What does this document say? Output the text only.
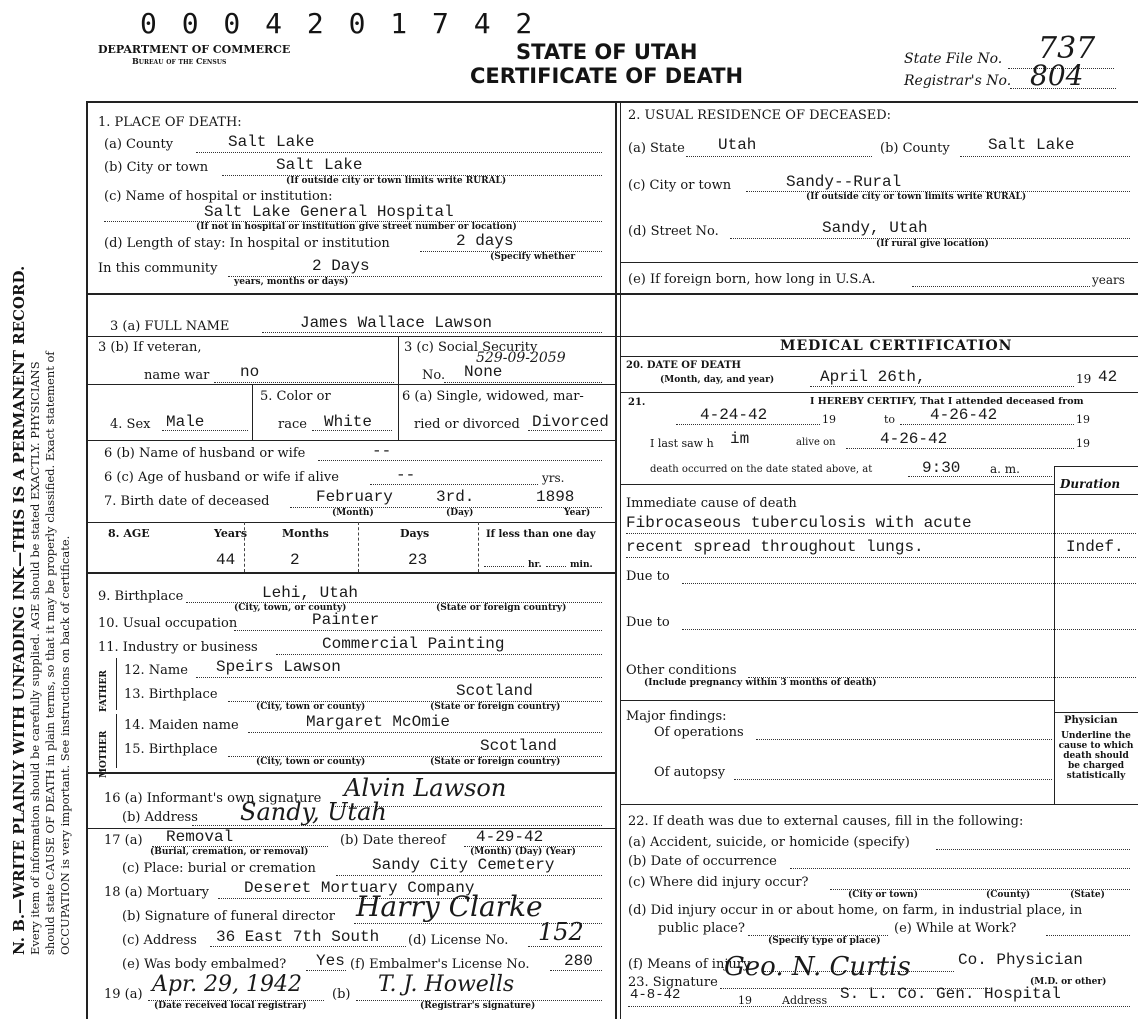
N. B.—WRITE PLAINLY WITH UNFADING INK—THIS IS A PERMANENT RECORD. Every item of information should be carefully supplied. AGE should be stated EXACTLY. PHYSICIANS should state CAUSE OF DEATH in plain terms, so that it may be properly classified. Exact statement of OCCUPATION is very important. See instructions on back of certificate.
0 0 0 4 2 0 1 7 4 2
DEPARTMENT OF COMMERCE
Bureau of the Census	STATE OF UTAH
CERTIFICATE OF DEATH
State File No. 737
Registrar's No. 804
1. PLACE OF DEATH:
(a) County	Salt Lake
(b) City or town	Salt Lake
(If outside city or town limits write RURAL)
(c) Name of hospital or institution:
Salt Lake General Hospital
(If not in hospital or institution give street number or location)
(d) Length of stay: In hospital or institution	2 days
(Specify whether
In this community	2 Days
years, months or days)
2. USUAL RESIDENCE OF DECEASED:
(a) State Utah	(b) County Salt Lake
(c) City or town	Sandy--Rural
(If outside city or town limits write RURAL)
(d) Street No.	Sandy, Utah
(If rural give location)
(e) If foreign born, how long in U.S.A.	years
3 (a) FULL NAME	James Wallace Lawson
3 (b) If veteran,
name war no
3 (c) Social Security
529-09-2059
No. None
4. Sex Male
5. Color or
race White
6 (a) Single, widowed, mar-
ried or divorced Divorced
6 (b) Name of husband or wife	--
6 (c) Age of husband or wife if alive	--	yrs.
7. Birth date of deceased	February	3rd.	1898
(Month)	(Day)	Year)
8. AGE	Years
44
Months
2
Days
23
If less than one day
hr.	min.
9. Birthplace	Lehi, Utah
(City, town, or county)	(State or foreign country)
10. Usual occupation	Painter
11. Industry or business	Commercial Painting
FATHER
MOTHER
12. Name Speirs Lawson
13. Birthplace	Scotland
(City, town or county)	(State or foreign country)
14. Maiden name	Margaret McOmie
15. Birthplace	Scotland
(City, town or county)	(State or foreign country)
16 (a) Informant's own signature Alvin Lawson
(b) Address Sandy, Utah
17 (a) Removal
(Burial, cremation, or removal)
(b) Date thereof 4-29-42
(Month) (Day) (Year)
(c) Place: burial or cremation	Sandy City Cemetery
18 (a) Mortuary Deseret Mortuary Company
(b) Signature of funeral director Harry Clarke
(c) Address 36 East 7th South (d) License No. 152
(e) Was body embalmed? Yes (f) Embalmer's License No. 280
19 (a) Apr. 29, 1942
(Date received local registrar)
(b) T. J. Howells
(Registrar's signature)
MEDICAL CERTIFICATION
20. DATE OF DEATH
(Month, day, and year)	April 26th,	19 42
21.	I HEREBY CERTIFY, That I attended deceased from
4-24-42	19	to 4-26-42	19
I last saw h im	alive on	4-26-42	19
death occurred on the date stated above, at	9:30 a. m.
Duration
Immediate cause of death
Fibrocaseous tuberculosis with acute
recent spread throughout lungs.	Indef.
Due to
Due to
Other conditions
(Include pregnancy within 3 months of death)
Major findings:
Of operations
Of autopsy
Physician
Underline the cause to which death should be charged statistically
22. If death was due to external causes, fill in the following:
(a) Accident, suicide, or homicide (specify)
(b) Date of occurrence
(c) Where did injury occur?
(City or town)	(County)	(State)
(d) Did injury occur in or about home, on farm, in industrial place, in
public place?
(Specify type of place)
(e) While at Work?
(f) Means of injury	Co. Physician
23. Signature
Geo. N. Curtis	(M.D. or other)
4-8-42	19	Address S. L. Co. Gen. Hospital
